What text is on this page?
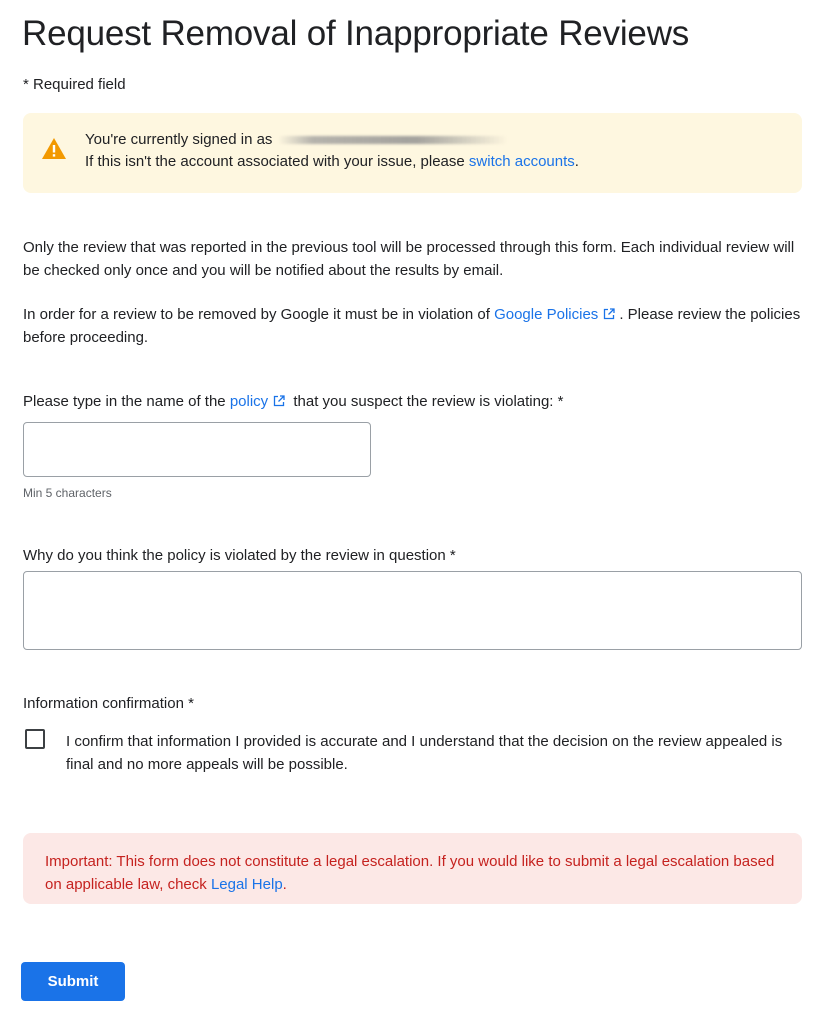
Request Removal of Inappropriate Reviews
* Required field
You're currently signed in as
If this isn't the account associated with your issue, please switch accounts.

Only the review that was reported in the previous tool will be processed through this form. Each individual review will be checked only once and you will be notified about the results by email.

In order for a review to be removed by Google it must be in violation of Google Policies . Please review the policies before proceeding.

Please type in the name of the policy that you suspect the review is violating: *
Min 5 characters
Why do you think the policy is violated by the review in question *
Information confirmation *
I confirm that information I provided is accurate and I understand that the decision on the review appealed is final and no more appeals will be possible.
Important: This form does not constitute a legal escalation. If you would like to submit a legal escalation based on applicable law, check Legal Help.
Submit
